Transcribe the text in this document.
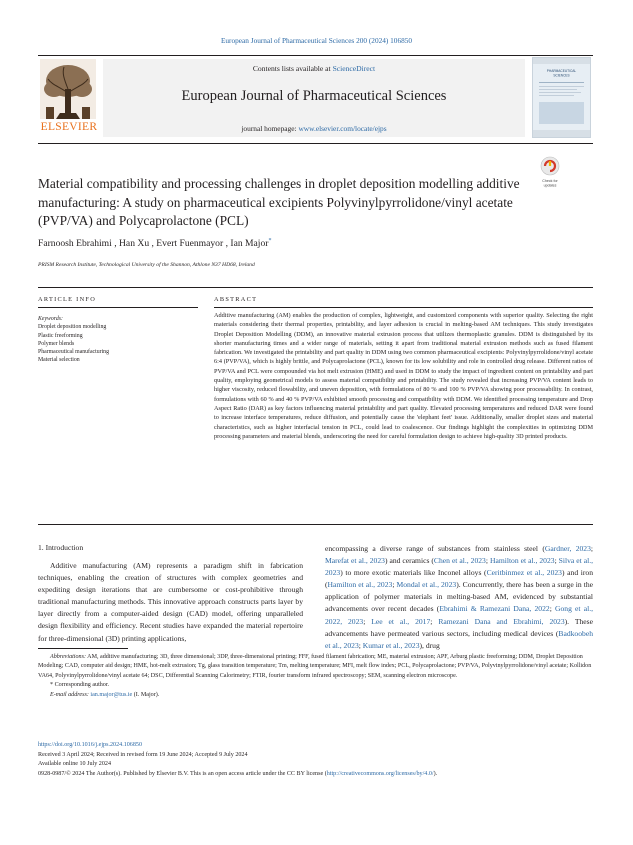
European Journal of Pharmaceutical Sciences 200 (2024) 106850
ELSEVIER
Contents lists available at ScienceDirect
European Journal of Pharmaceutical Sciences
journal homepage: www.elsevier.com/locate/ejps
PHARMACEUTICAL
SCIENCES
Check for
updates
Material compatibility and processing challenges in droplet deposition modelling additive manufacturing: A study on pharmaceutical excipients Polyvinylpyrrolidone/vinyl acetate (PVP/VA) and Polycaprolactone (PCL)
Farnoosh Ebrahimi , Han Xu , Evert Fuenmayor , Ian Major*
PRISM Research Institute, Technological University of the Shannon, Athlone N37 HD68, Ireland
ARTICLE INFO
Keywords:
Droplet deposition modelling
Plastic freeforming
Polymer blends
Pharmaceutical manufacturing
Material selection
ABSTRACT
Additive manufacturing (AM) enables the production of complex, lightweight, and customized components with superior quality. Selecting the right materials considering their thermal properties, printability, and layer adhesion is crucial in melting-based AM techniques. This study investigates Droplet Deposition Modelling (DDM), an innovative material extrusion process that utilizes thermoplastic granules. DDM is distinguished by its shorter manufacturing times and a wider range of materials, setting it apart from traditional material extrusion methods such as fused filament fabrication. We investigated the printability and part quality in DDM using two common pharmaceutical excipients: Polyvinylpyrrolidone/vinyl acetate 6:4 (PVP/VA), which is highly brittle, and Polycaprolactone (PCL), known for its low solubility and role in controlled drug release. Different ratios of PVP/VA and PCL were compounded via hot melt extrusion (HME) and used in DDM to study the impact of ingredient content on printability and part quality, employing geometrical models to assess material compatibility and printability. The study revealed that increasing PVP/VA content leads to higher viscosity, reduced flowability, and uneven deposition, with formulations of 80 % and 100 % PVP/VA showing poor processability. In contrast, formulations with 60 % and 40 % PVP/VA exhibited smooth processing and compatibility with DDM. We identified processing temperature and Drop Aspect Ratio (DAR) as key factors influencing material printability and part quality. Elevated processing temperatures and reduced DAR were found to increase interface temperatures, reduce diffusion, and potentially cause the 'elephant feet' issue. Additionally, smaller droplet sizes and material characteristics, such as higher interfacial tension in PCL, could lead to coalescence. Our findings highlight the complexities in optimizing DDM processing parameters and material blends, underscoring the need for careful formulation design to achieve high-quality 3D printed products.
1. Introduction
Additive manufacturing (AM) represents a paradigm shift in fabrication techniques, enabling the creation of structures with complex geometries and expediting design iterations that are cumbersome or cost-prohibitive through traditional manufacturing methods. This innovative approach constructs parts layer by layer directly from a computer-aided design (CAD) model, offering unparalleled design flexibility and efficiency. Recent studies have expanded the material repertoire for three-dimensional (3D) printing applications,
encompassing a diverse range of substances from stainless steel (Gardner, 2023; Marefat et al., 2023) and ceramics (Chen et al., 2023; Hamilton et al., 2023; Silva et al., 2023) to more exotic materials like Inconel alloys (Ceritbinmez et al., 2023) and iron (Hamilton et al., 2023; Mondal et al., 2023). Concurrently, there has been a surge in the application of polymer materials in melting-based AM, evidenced by substantial advancements over recent decades (Ebrahimi & Ramezani Dana, 2022; Gong et al., 2022, 2023; Lee et al., 2017; Ramezani Dana and Ebrahimi, 2023). These advancements have permeated various sectors, including medical devices (Badkoobeh et al., 2023; Kumar et al., 2023), drug
Abbreviations: AM, additive manufacturing; 3D, three dimensional; 3DP, three-dimensional printing; FFF, fused filament fabrication; ME, material extrusion; APF, Arburg plastic freeforming; DDM, Droplet Deposition Modeling; CAD, computer aid design; HME, hot-melt extrusion; Tg, glass transition temperature; Tm, melting temperature; MFI, melt flow index; PCL, Polycaprolactone; PVP/VA, Polyvinylpyrrolidone/vinyl acetate; Kollidon VA64, Polyvinylpyrrolidone/vinyl acetate 64; DSC, Differential Scanning Calorimetry; FTIR, fourier transform infrared spectroscopy; SEM, scanning electron microscope.
* Corresponding author.
E-mail address: ian.major@tus.ie (I. Major).
https://doi.org/10.1016/j.ejps.2024.106850
Received 3 April 2024; Received in revised form 19 June 2024; Accepted 9 July 2024
Available online 10 July 2024
0928-0987/© 2024 The Author(s). Published by Elsevier B.V. This is an open access article under the CC BY license (http://creativecommons.org/licenses/by/4.0/).
